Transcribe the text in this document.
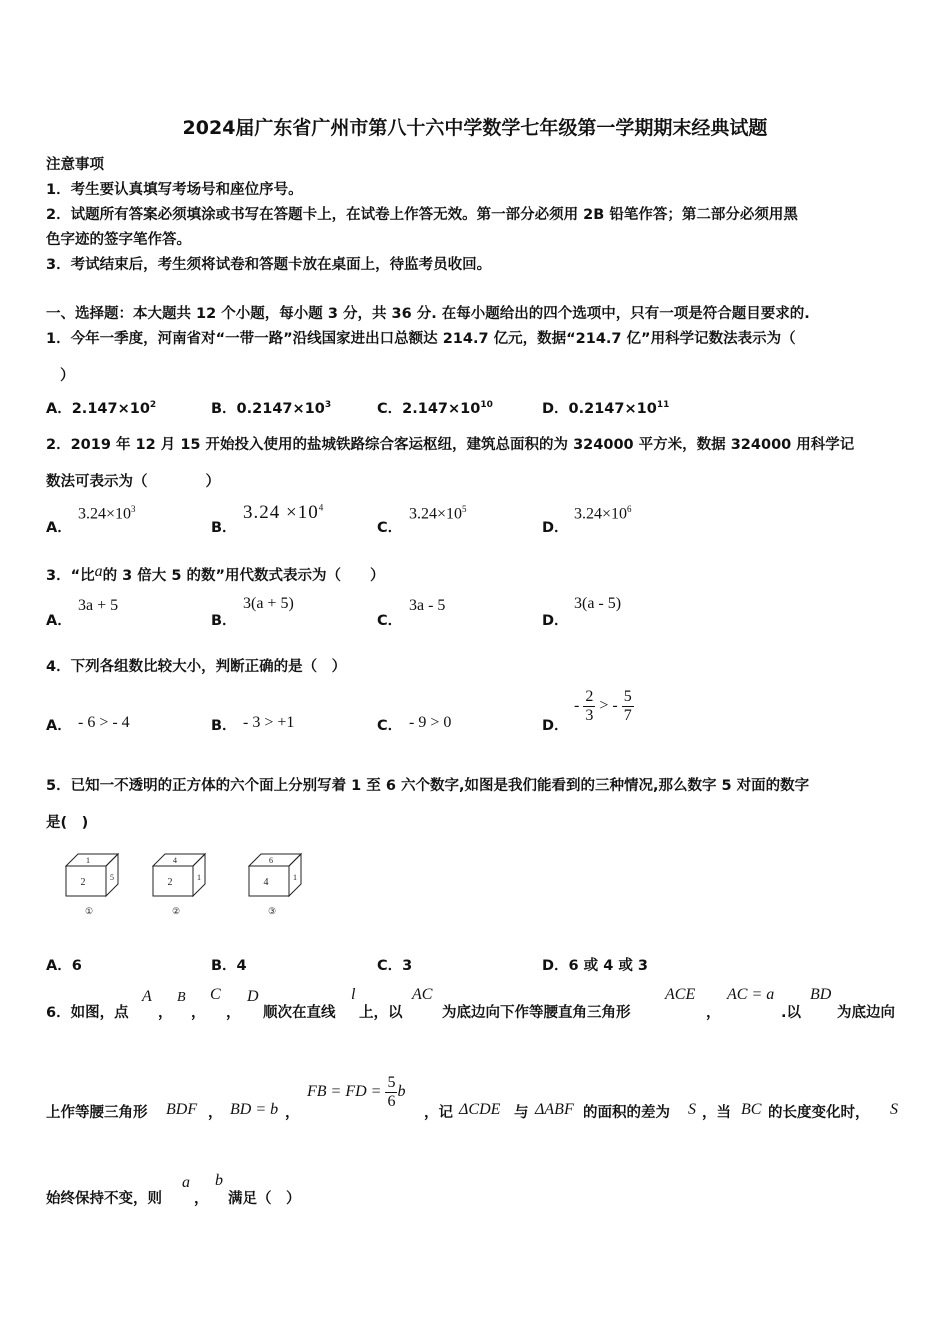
2024届广东省广州市第八十六中学数学七年级第一学期期末经典试题
注意事项
1．考生要认真填写考场号和座位序号。
2．试题所有答案必须填涂或书写在答题卡上，在试卷上作答无效。第一部分必须用 2B 铅笔作答；第二部分必须用黑
色字迹的签字笔作答。
3．考试结束后，考生须将试卷和答题卡放在桌面上，待监考员收回。
一、选择题：本大题共 12 个小题，每小题 3 分，共 36 分. 在每小题给出的四个选项中，只有一项是符合题目要求的.
1．今年一季度，河南省对“一带一路”沿线国家进出口总额达 214.7 亿元，数据“214.7 亿”用科学记数法表示为（
）
A．$2.147\times 10^2$	B．$0.2147\times 10^3$	C．$2.147\times 10^{10}$	D．$0.2147\times 10^{11}$
2．2019 年 12 月 15 开始投入使用的盐城铁路综合客运枢纽，建筑总面积的为 324000 平方米，数据 324000 用科学记
数法可表示为（　　　　）
A．
$3.24\times 10^3$
B．
$3.24 \times 10^4$
C．
$3.24\times 10^5$
D．
$3.24\times 10^6$
3．“比a的 3 倍大 5 的数”用代数式表示为（　　）
A．
3a + 5
B．
3(a + 5)
C．
3a - 5
D．
3(a - 5)
4．下列各组数比较大小，判断正确的是（　）
A． - 6 > - 4	B． - 3 > +1	C． - 9 > 0	D．
- $\frac{2}{3}$ > - $\frac{5}{7}$
5．已知一不透明的正方体的六个面上分别写着 1 至 6 六个数字,如图是我们能看到的三种情况,那么数字 5 对面的数字
是(　)
1
2	5
①
4
2	1
②
6
4	1
③
A．6	B．4	C．3	D．6 或 4 或 3
6．如图，点
A
，
B
，
C
，
D
顺次在直线
l
上，以
AC
为底边向下作等腰直角三角形
ACE
，
AC = a
.以
BD
为底边向
上作等腰三角形 BDF ， BD = b ，
FB = FD = $\frac{5}{6}$ b
，记 ΔCDE 与 ΔABF 的面积的差为 S ，当 BC 的长度变化时， S
始终保持不变，则
a
，
b
满足（　）
